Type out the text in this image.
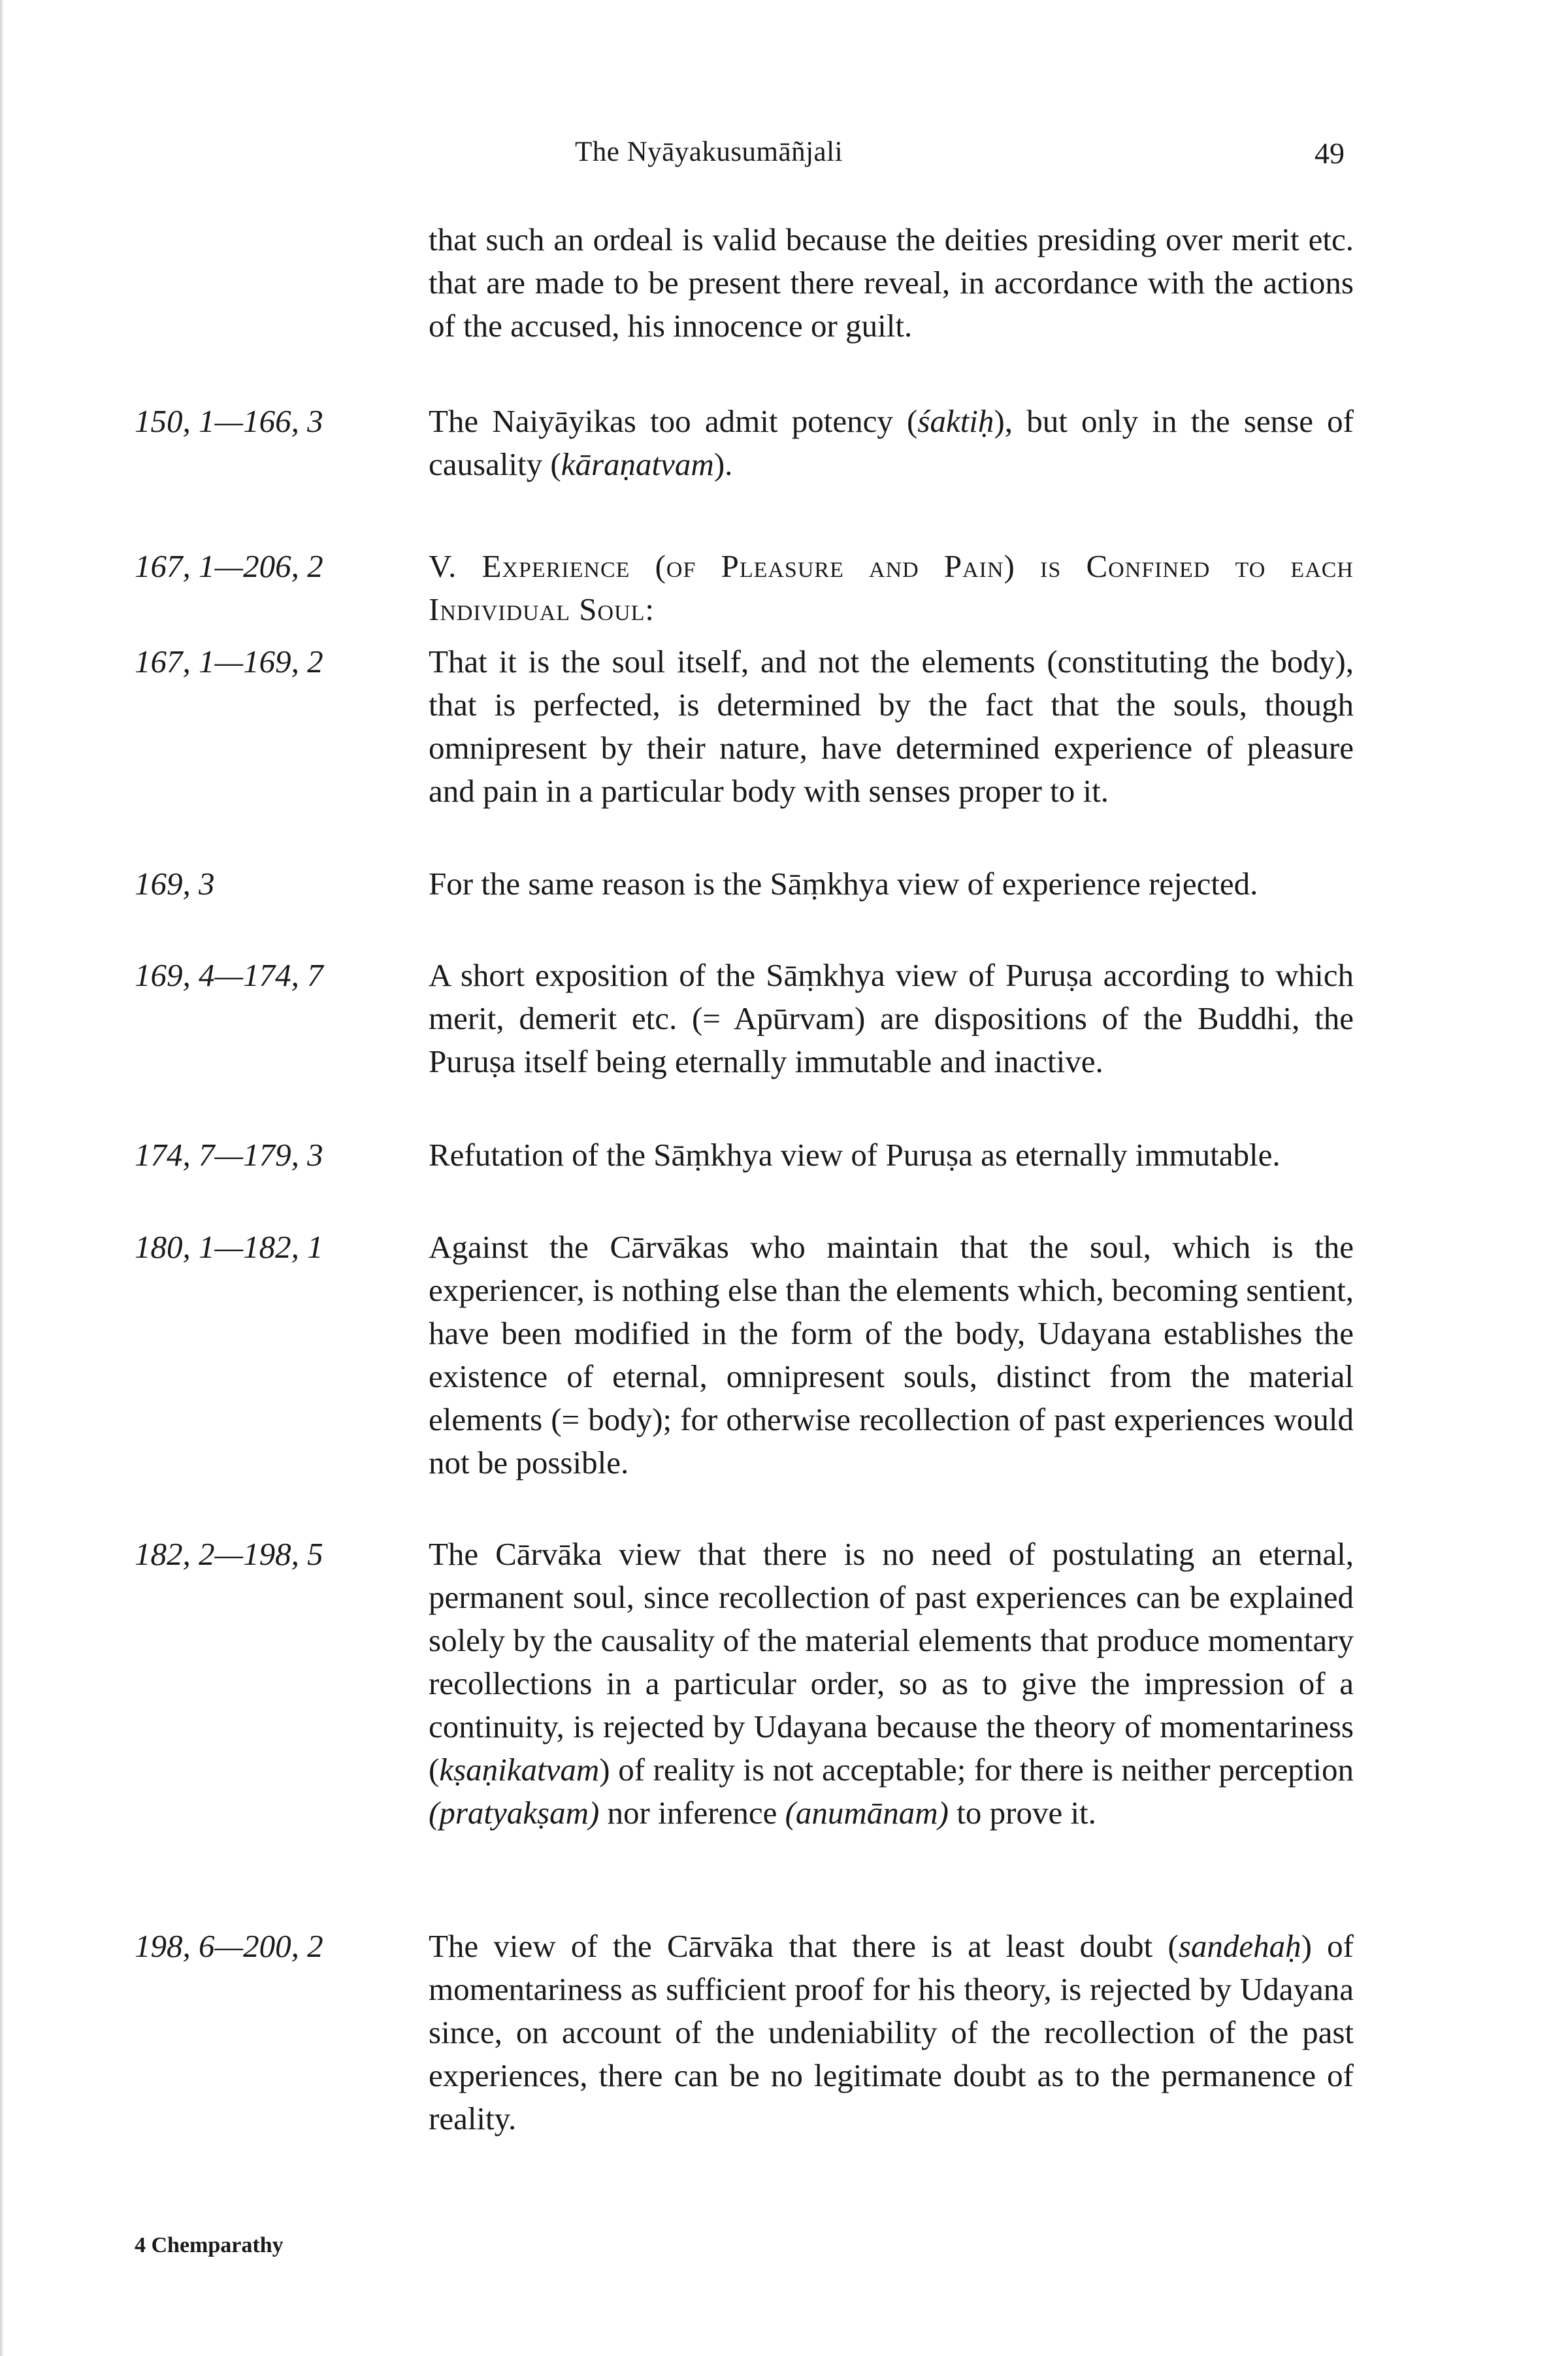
The Nyāyakusumāñjali	49
that such an ordeal is valid because the deities presiding over merit etc. that are made to be present there reveal, in accordance with the actions of the accused, his innocence or guilt.
150, 1—166, 3	The Naiyāyikas too admit potency (śaktiḥ), but only in the sense of causality (kāraṇatvam).
167, 1—206, 2	V. Experience (of Pleasure and Pain) is Confined to each Individual Soul:
167, 1—169, 2	That it is the soul itself, and not the elements (constituting the body), that is perfected, is determined by the fact that the souls, though omnipresent by their nature, have determined experience of pleasure and pain in a particular body with senses proper to it.
169, 3	For the same reason is the Sāṃkhya view of experience rejected.
169, 4—174, 7	A short exposition of the Sāṃkhya view of Puruṣa according to which merit, demerit etc. (= Apūrvam) are dispositions of the Buddhi, the Puruṣa itself being eternally immutable and inactive.
174, 7—179, 3	Refutation of the Sāṃkhya view of Puruṣa as eternally immutable.
180, 1—182, 1	Against the Cārvākas who maintain that the soul, which is the experiencer, is nothing else than the elements which, becoming sentient, have been modified in the form of the body, Udayana establishes the existence of eternal, omnipresent souls, distinct from the material elements (= body); for otherwise recollection of past experiences would not be possible.
182, 2—198, 5	The Cārvāka view that there is no need of postulating an eternal, permanent soul, since recollection of past experiences can be explained solely by the causality of the material elements that produce momentary recollections in a particular order, so as to give the impression of a continuity, is rejected by Udayana because the theory of momentariness (kṣaṇikatvam) of reality is not acceptable; for there is neither perception (pratyakṣam) nor inference (anumānam) to prove it.
198, 6—200, 2	The view of the Cārvāka that there is at least doubt (sandehaḥ) of momentariness as sufficient proof for his theory, is rejected by Udayana since, on account of the undeniability of the recollection of the past experiences, there can be no legitimate doubt as to the permanence of reality.
4 Chemparathy
